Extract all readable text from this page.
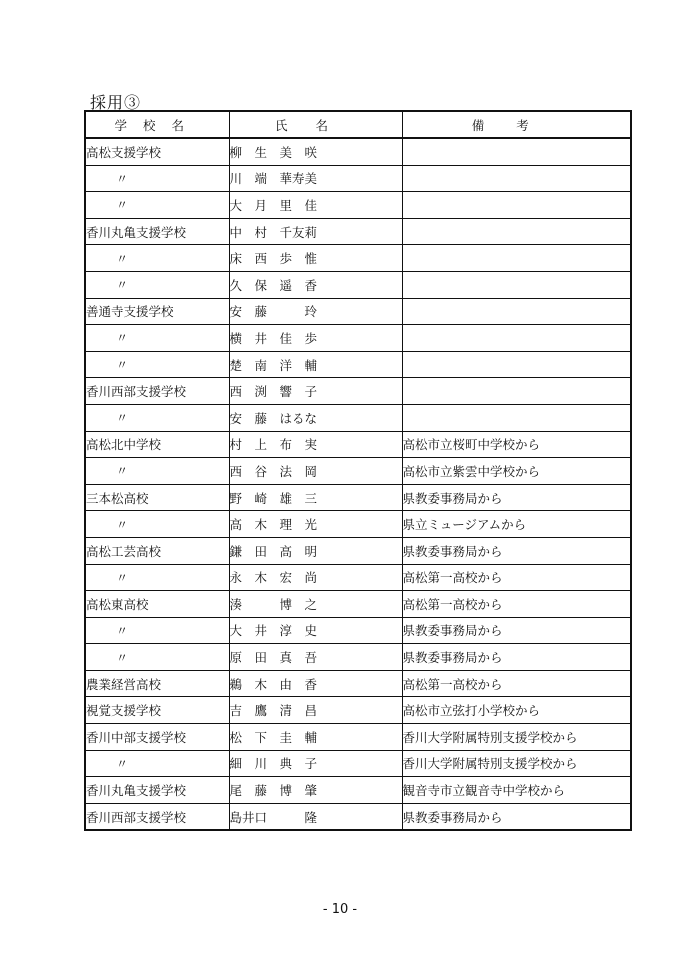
採用③
学校名	氏名	備考
高松支援学校	柳　生　美　咲	
〃	川　端　華寿美	
〃	大　月　里　佳	
香川丸亀支援学校	中　村　千友莉	
〃	床　西　歩　惟	
〃	久　保　遥　香	
善通寺支援学校	安　藤　　　玲	
〃	横　井　佳　歩	
〃	楚　南　洋　輔	
香川西部支援学校	西　渕　響　子	
〃	安　藤　はるな	
高松北中学校	村　上　布　実	高松市立桜町中学校から
〃	西　谷　法　岡	高松市立紫雲中学校から
三本松高校	野　崎　雄　三	県教委事務局から
〃	高　木　理　光	県立ミュージアムから
高松工芸高校	鎌　田　高　明	県教委事務局から
〃	永　木　宏　尚	高松第一高校から
高松東高校	湊　　　博　之	高松第一高校から
〃	大　井　淳　史	県教委事務局から
〃	原　田　真　吾	県教委事務局から
農業経営高校	鵜　木　由　香	高松第一高校から
視覚支援学校	吉　鷹　清　昌	高松市立弦打小学校から
香川中部支援学校	松　下　圭　輔	香川大学附属特別支援学校から
〃	細　川　典　子	香川大学附属特別支援学校から
香川丸亀支援学校	尾　藤　博　肇	観音寺市立観音寺中学校から
香川西部支援学校	島井口　　　隆	県教委事務局から
- 10 -
